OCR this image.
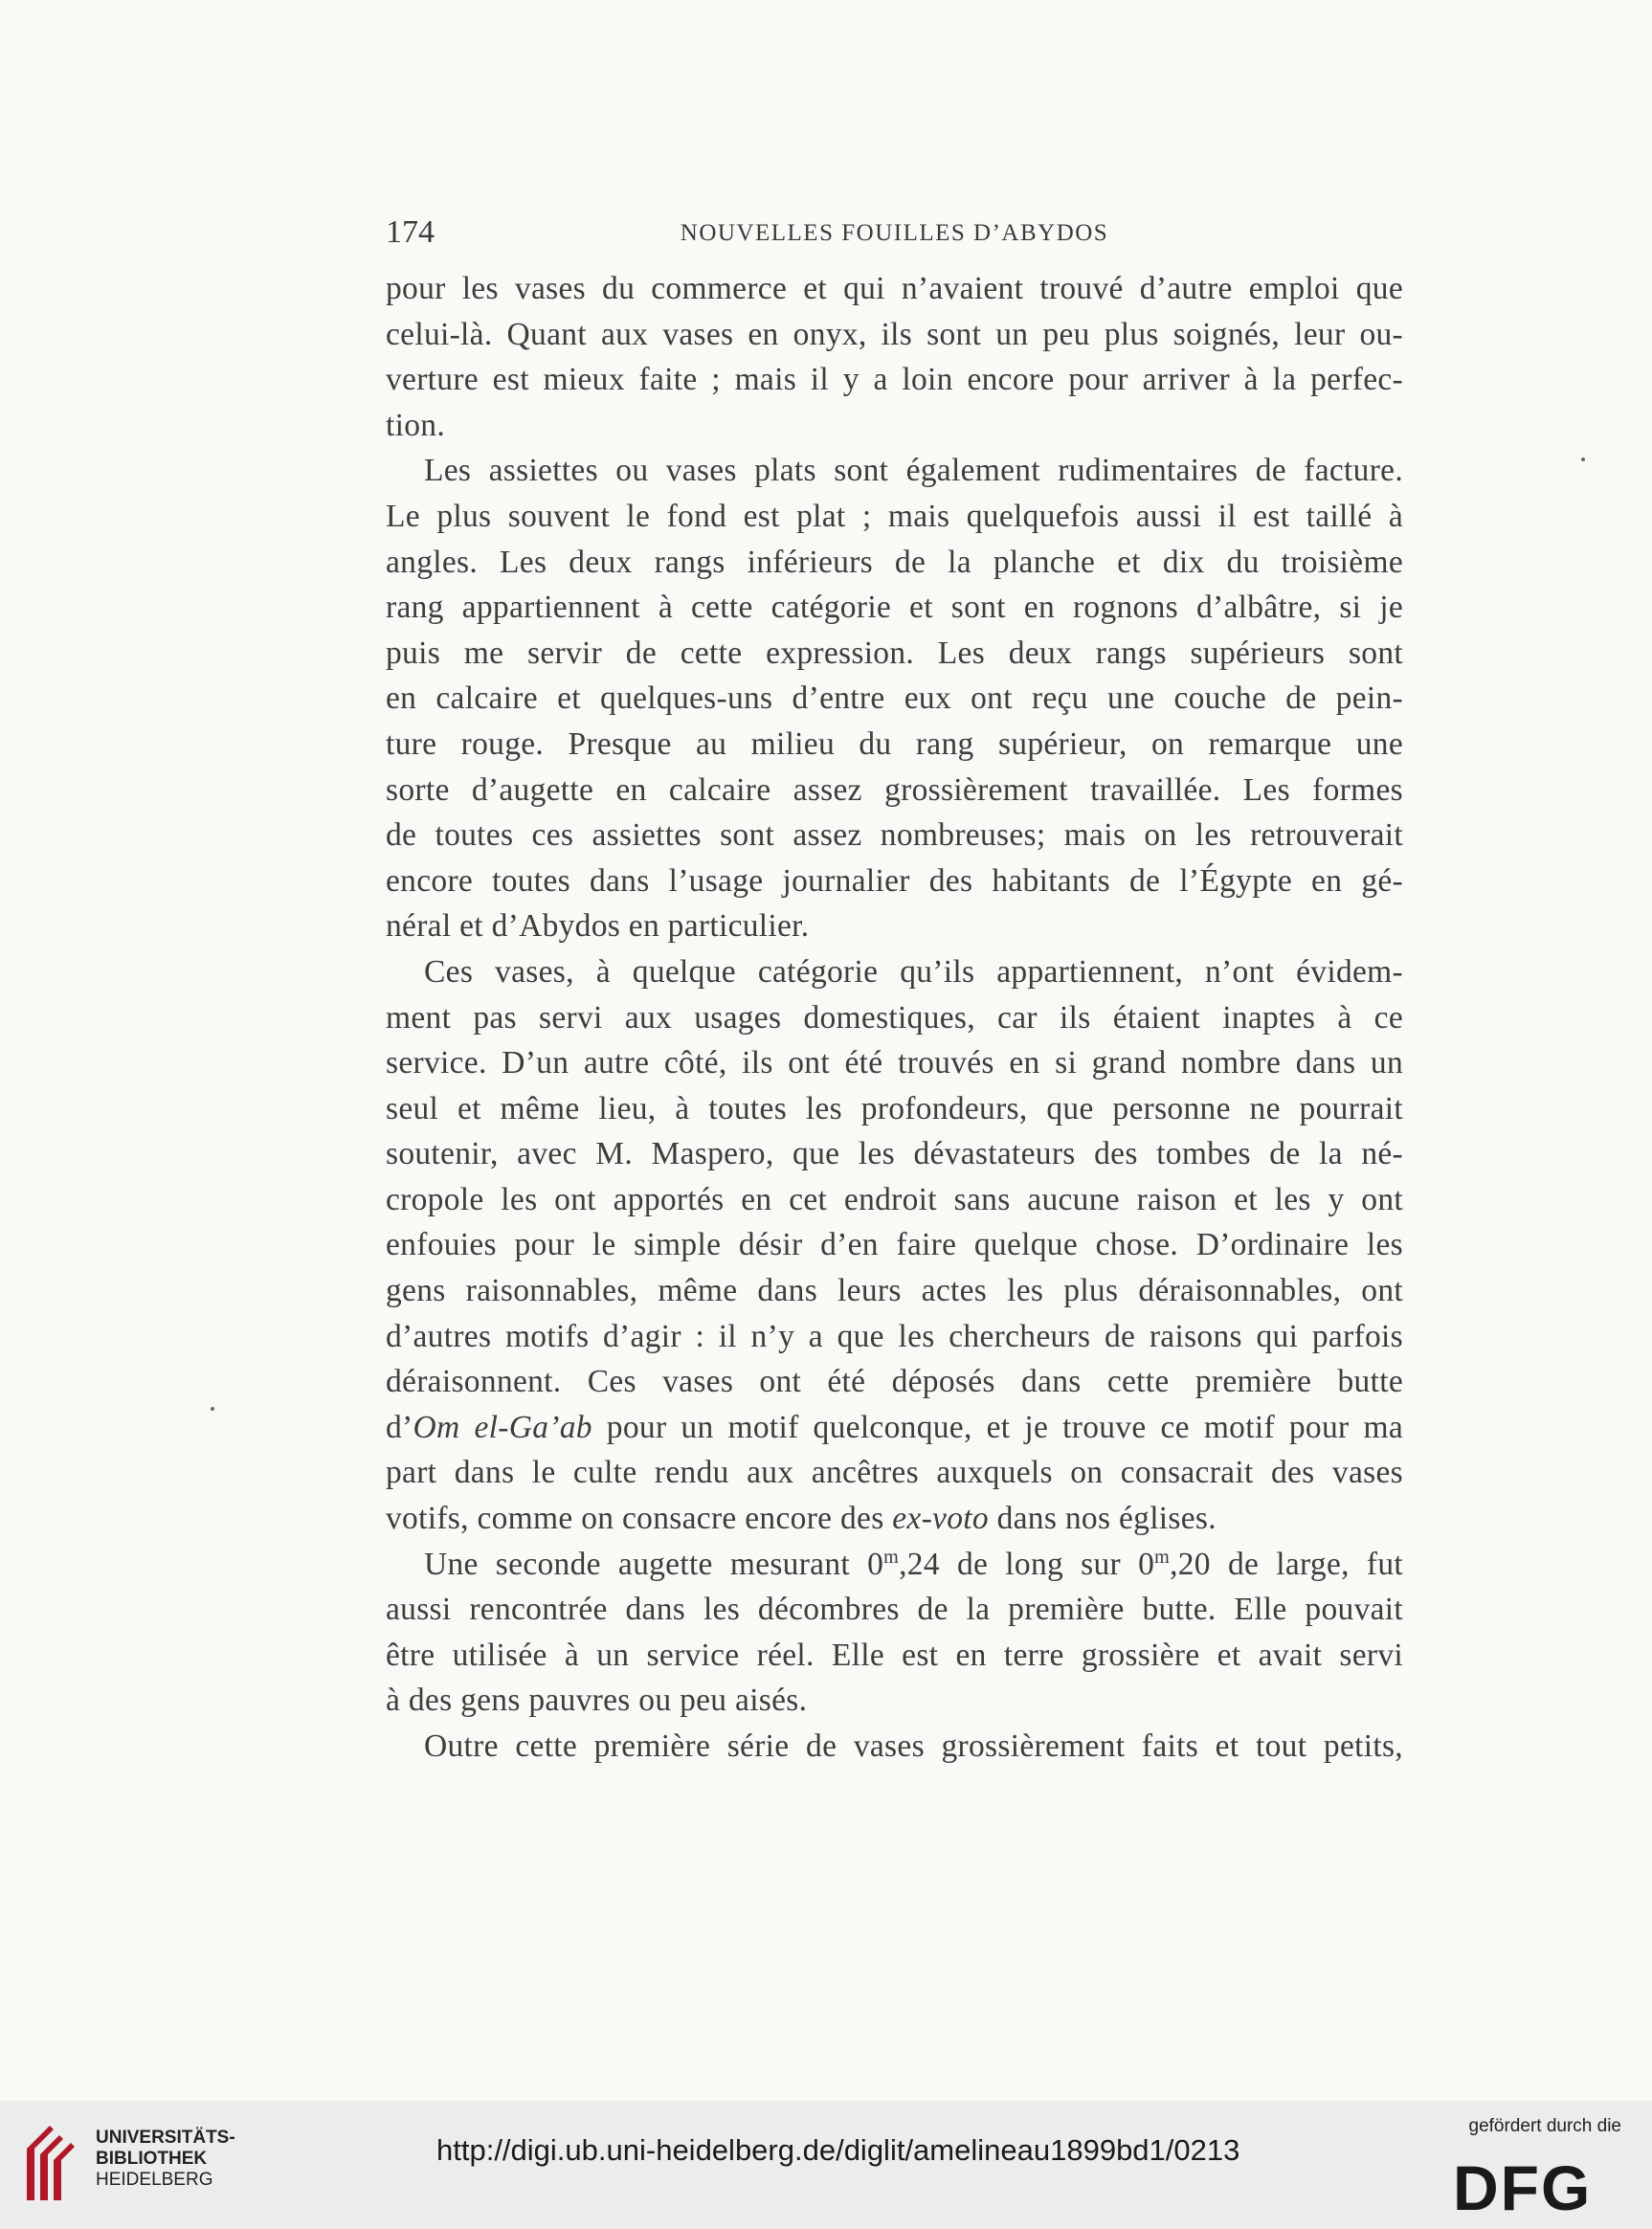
174	NOUVELLES FOUILLES D’ABYDOS

pour les vases du commerce et qui n’avaient trouvé d’autre emploi que
celui-là. Quant aux vases en onyx, ils sont un peu plus soignés, leur ou-
verture est mieux faite ; mais il y a loin encore pour arriver à la perfec-
tion.

Les assiettes ou vases plats sont également rudimentaires de facture.
Le plus souvent le fond est plat ; mais quelquefois aussi il est taillé à
angles. Les deux rangs inférieurs de la planche et dix du troisième
rang appartiennent à cette catégorie et sont en rognons d’albâtre, si je
puis me servir de cette expression. Les deux rangs supérieurs sont
en calcaire et quelques-uns d’entre eux ont reçu une couche de pein-
ture rouge. Presque au milieu du rang supérieur, on remarque une
sorte d’augette en calcaire assez grossièrement travaillée. Les formes
de toutes ces assiettes sont assez nombreuses; mais on les retrouverait
encore toutes dans l’usage journalier des habitants de l’Égypte en gé-
néral et d’Abydos en particulier.

Ces vases, à quelque catégorie qu’ils appartiennent, n’ont évidem-
ment pas servi aux usages domestiques, car ils étaient inaptes à ce
service. D’un autre côté, ils ont été trouvés en si grand nombre dans un
seul et même lieu, à toutes les profondeurs, que personne ne pourrait
soutenir, avec M. Maspero, que les dévastateurs des tombes de la né-
cropole les ont apportés en cet endroit sans aucune raison et les y ont
enfouies pour le simple désir d’en faire quelque chose. D’ordinaire les
gens raisonnables, même dans leurs actes les plus déraisonnables, ont
d’autres motifs d’agir : il n’y a que les chercheurs de raisons qui parfois
déraisonnent. Ces vases ont été déposés dans cette première butte
d’Om el-Ga’ab pour un motif quelconque, et je trouve ce motif pour ma
part dans le culte rendu aux ancêtres auxquels on consacrait des vases
votifs, comme on consacre encore des ex-voto dans nos églises.

Une seconde augette mesurant 0$^m$,24 de long sur 0$^m$,20 de large, fut
aussi rencontrée dans les décombres de la première butte. Elle pouvait
être utilisée à un service réel. Elle est en terre grossière et avait servi
à des gens pauvres ou peu aisés.

Outre cette première série de vases grossièrement faits et tout petits,

UNIVERSITÄTS-
BIBLIOTHEK
HEIDELBERG
http://digi.ub.uni-heidelberg.de/diglit/amelineau1899bd1/0213
gefördert durch die
DFG
